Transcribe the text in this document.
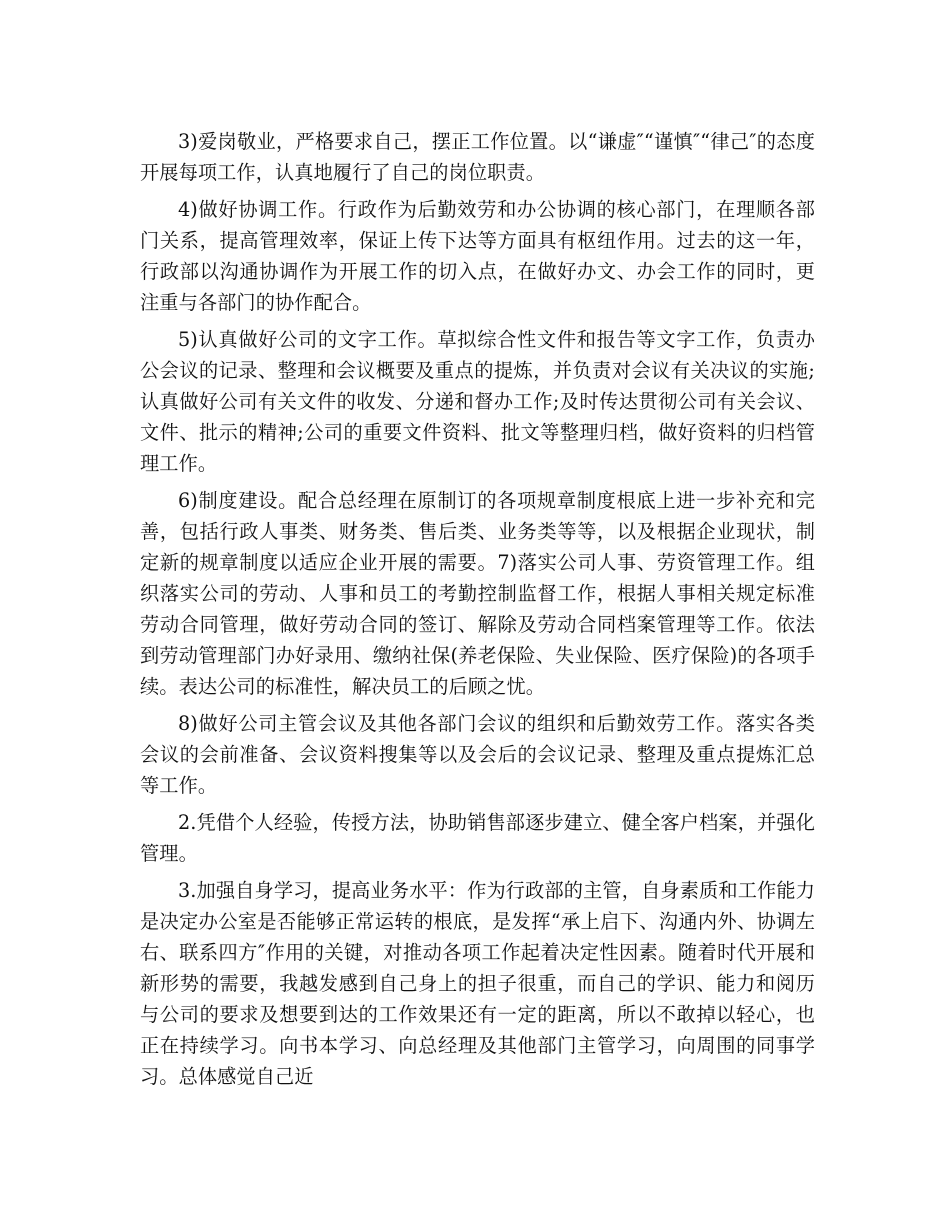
3)爱岗敬业，严格要求自己，摆正工作位置。以“谦虚″“谨慎″“律己″的态度开展每项工作，认真地履行了自己的岗位职责。

4)做好协调工作。行政作为后勤效劳和办公协调的核心部门，在理顺各部门关系，提高管理效率，保证上传下达等方面具有枢纽作用。过去的这一年，行政部以沟通协调作为开展工作的切入点，在做好办文、办会工作的同时，更注重与各部门的协作配合。

5)认真做好公司的文字工作。草拟综合性文件和报告等文字工作，负责办公会议的记录、整理和会议概要及重点的提炼，并负责对会议有关决议的实施;认真做好公司有关文件的收发、分递和督办工作;及时传达贯彻公司有关会议、文件、批示的精神;公司的重要文件资料、批文等整理归档，做好资料的归档管理工作。

6)制度建设。配合总经理在原制订的各项规章制度根底上进一步补充和完善，包括行政人事类、财务类、售后类、业务类等等，以及根据企业现状，制定新的规章制度以适应企业开展的需要。7)落实公司人事、劳资管理工作。组织落实公司的劳动、人事和员工的考勤控制监督工作，根据人事相关规定标准劳动合同管理，做好劳动合同的签订、解除及劳动合同档案管理等工作。依法到劳动管理部门办好录用、缴纳社保(养老保险、失业保险、医疗保险)的各项手续。表达公司的标准性，解决员工的后顾之忧。

8)做好公司主管会议及其他各部门会议的组织和后勤效劳工作。落实各类会议的会前准备、会议资料搜集等以及会后的会议记录、整理及重点提炼汇总等工作。

2.凭借个人经验，传授方法，协助销售部逐步建立、健全客户档案，并强化管理。

3.加强自身学习，提高业务水平：作为行政部的主管，自身素质和工作能力是决定办公室是否能够正常运转的根底，是发挥“承上启下、沟通内外、协调左右、联系四方″作用的关键，对推动各项工作起着决定性因素。随着时代开展和新形势的需要，我越发感到自己身上的担子很重，而自己的学识、能力和阅历与公司的要求及想要到达的工作效果还有一定的距离，所以不敢掉以轻心，也正在持续学习。向书本学习、向总经理及其他部门主管学习，向周围的同事学习。总体感觉自己近
